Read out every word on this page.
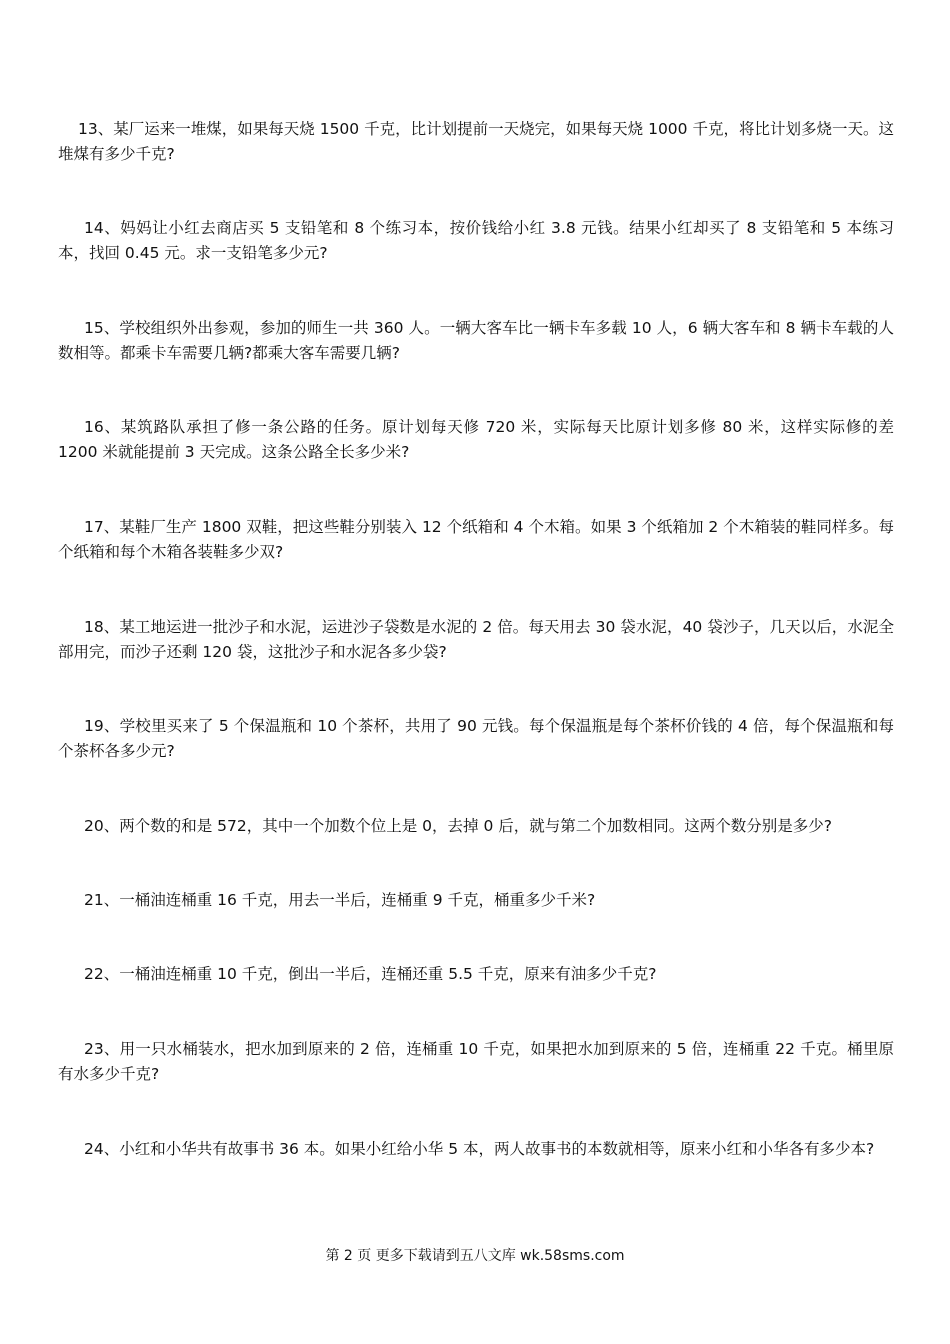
13、某厂运来一堆煤，如果每天烧 1500 千克，比计划提前一天烧完，如果每天烧 1000 千克，将比计划多烧一天。这堆煤有多少千克?

14、妈妈让小红去商店买 5 支铅笔和 8 个练习本，按价钱给小红 3.8 元钱。结果小红却买了 8 支铅笔和 5 本练习本，找回 0.45 元。求一支铅笔多少元?

15、学校组织外出参观，参加的师生一共 360 人。一辆大客车比一辆卡车多载 10 人，6 辆大客车和 8 辆卡车载的人数相等。都乘卡车需要几辆?都乘大客车需要几辆?

16、某筑路队承担了修一条公路的任务。原计划每天修 720 米，实际每天比原计划多修 80 米，这样实际修的差 1200 米就能提前 3 天完成。这条公路全长多少米?

17、某鞋厂生产 1800 双鞋，把这些鞋分别装入 12 个纸箱和 4 个木箱。如果 3 个纸箱加 2 个木箱装的鞋同样多。每个纸箱和每个木箱各装鞋多少双?

18、某工地运进一批沙子和水泥，运进沙子袋数是水泥的 2 倍。每天用去 30 袋水泥，40 袋沙子，几天以后，水泥全部用完，而沙子还剩 120 袋，这批沙子和水泥各多少袋?

19、学校里买来了 5 个保温瓶和 10 个茶杯，共用了 90 元钱。每个保温瓶是每个茶杯价钱的 4 倍，每个保温瓶和每个茶杯各多少元?

20、两个数的和是 572，其中一个加数个位上是 0，去掉 0 后，就与第二个加数相同。这两个数分别是多少?

21、一桶油连桶重 16 千克，用去一半后，连桶重 9 千克，桶重多少千米?

22、一桶油连桶重 10 千克，倒出一半后，连桶还重 5.5 千克，原来有油多少千克?

23、用一只水桶装水，把水加到原来的 2 倍，连桶重 10 千克，如果把水加到原来的 5 倍，连桶重 22 千克。桶里原有水多少千克?

24、小红和小华共有故事书 36 本。如果小红给小华 5 本，两人故事书的本数就相等，原来小红和小华各有多少本?

第 2 页 更多下载请到五八文库 wk.58sms.com
